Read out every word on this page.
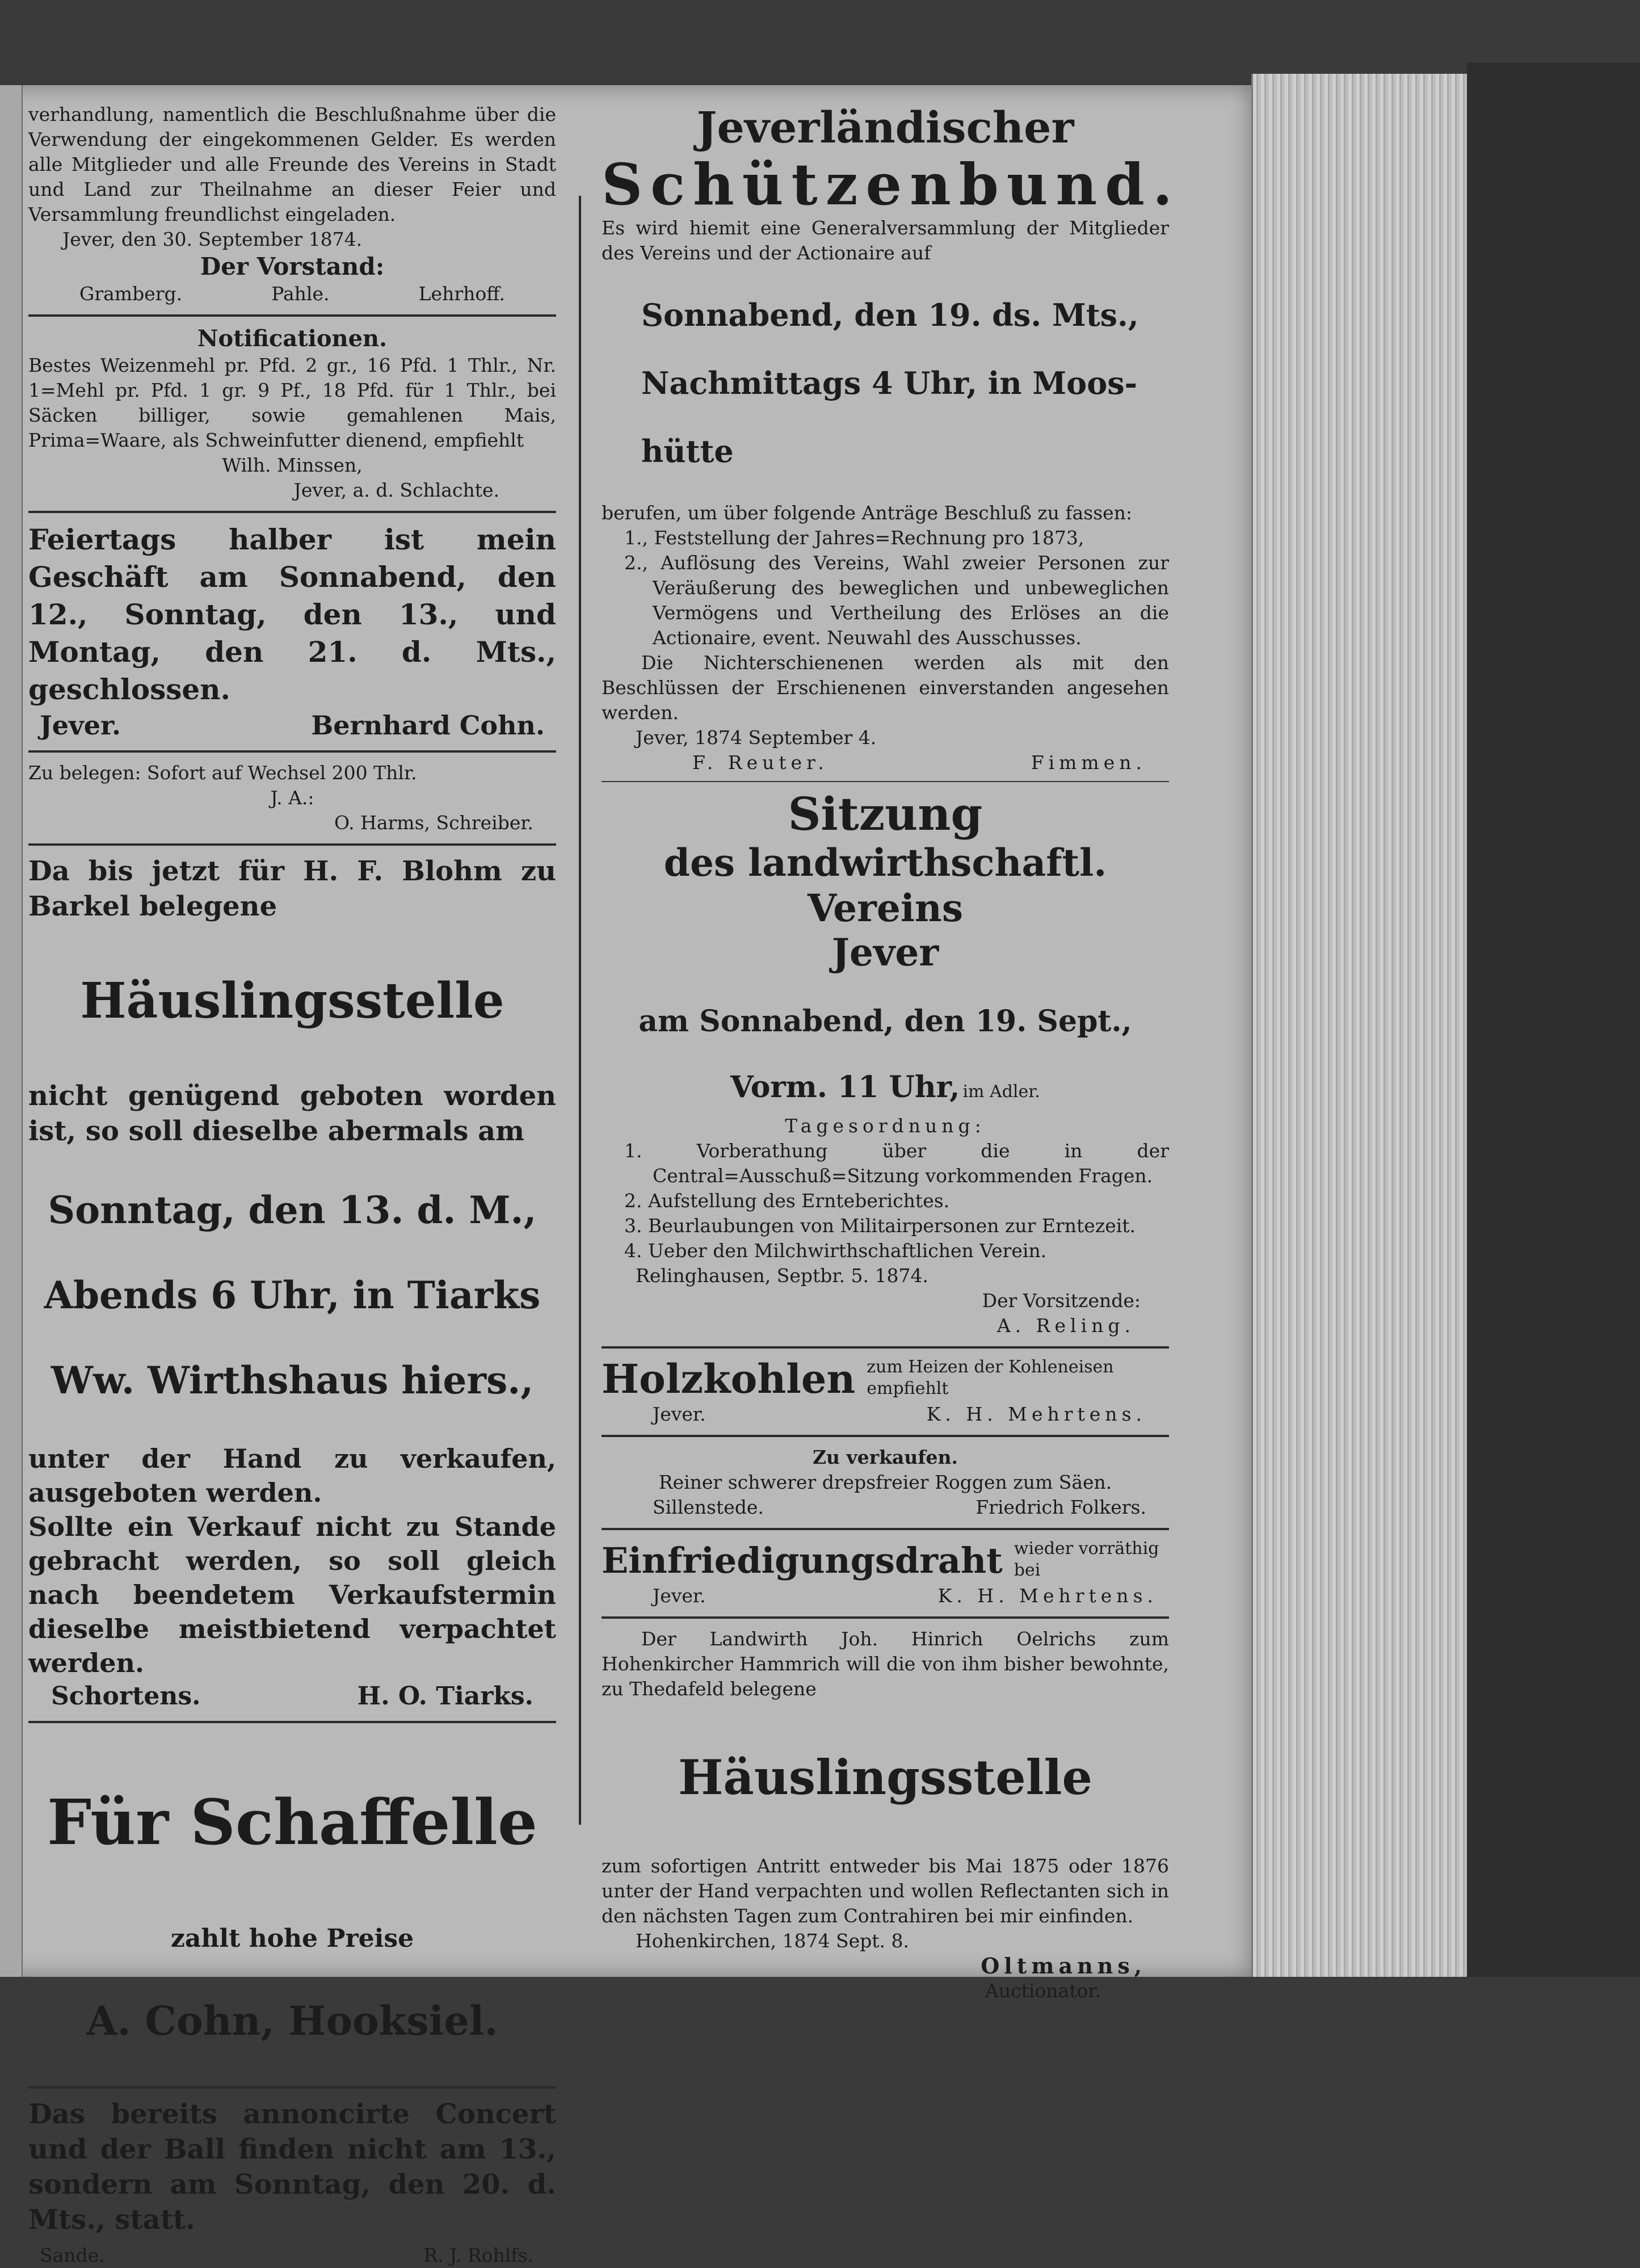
verhandlung, namentlich die Beschlußnahme über die Verwendung der eingekommenen Gelder. Es werden alle Mitglieder und alle Freunde des Vereins in Stadt und Land zur Theilnahme an dieser Feier und Versammlung freundlichst eingeladen.

Jever, den 30. September 1874.

Der Vorstand:

Gramberg.	Pahle.	Lehrhoff.

Notificationen.

Bestes Weizenmehl pr. Pfd. 2 gr., 16 Pfd. 1 Thlr., Nr. 1=Mehl pr. Pfd. 1 gr. 9 Pf., 18 Pfd. für 1 Thlr., bei Säcken billiger, sowie gemahlenen Mais, Prima=Waare, als Schweinfutter dienend, empfiehlt

Wilh. Minssen,

Jever, a. d. Schlachte.

Feiertags halber ist mein Geschäft am Sonnabend, den 12., Sonntag, den 13., und Montag, den 21. d. Mts., geschlossen.

Jever.	Bernhard Cohn.

Zu belegen: Sofort auf Wechsel 200 Thlr.

J. A.:

O. Harms, Schreiber.

Da bis jetzt für H. F. Blohm zu Barkel belegene

Häuslingsstelle

nicht genügend geboten worden ist, so soll dieselbe abermals am

Sonntag, den 13. d. M.,

Abends 6 Uhr, in Tiarks

Ww. Wirthshaus hiers.,

unter der Hand zu verkaufen, ausgeboten werden.

Sollte ein Verkauf nicht zu Stande gebracht werden, so soll gleich nach beendetem Verkaufstermin dieselbe meistbietend verpachtet werden.

Schortens.	H. O. Tiarks.

Für Schaffelle

zahlt hohe Preise

A. Cohn, Hooksiel.

Das bereits annoncirte Concert und der Ball finden nicht am 13., sondern am Sonntag, den 20. d. Mts., statt.

Sande.	R. J. Rohlfs.

Jeverländischer

Schützenbund.

Es wird hiemit eine Generalversammlung der Mitglieder des Vereins und der Actionaire auf

Sonnabend, den 19. ds. Mts.,

Nachmittags 4 Uhr, in Moos-

hütte

berufen, um über folgende Anträge Beschluß zu fassen:

1., Feststellung der Jahres=Rechnung pro 1873,

2., Auflösung des Vereins, Wahl zweier Personen zur Veräußerung des beweglichen und unbeweglichen Vermögens und Vertheilung des Erlöses an die Actionaire, event. Neuwahl des Ausschusses.

Die Nichterschienenen werden als mit den Beschlüssen der Erschienenen einverstanden angesehen werden.

Jever, 1874 September 4.

F. Reuter.	Fimmen.

Sitzung

des landwirthschaftl. Vereins

Jever

am Sonnabend, den 19. Sept.,

Vorm. 11 Uhr, im Adler.

Tagesordnung:

1. Vorberathung über die in der Central=Ausschuß=Sitzung vorkommenden Fragen.

2. Aufstellung des Ernteberichtes.

3. Beurlaubungen von Militairpersonen zur Erntezeit.

4. Ueber den Milchwirthschaftlichen Verein.

Relinghausen, Septbr. 5. 1874.

Der Vorsitzende:

A. Reling.

Holzkohlen zum Heizen der Kohleneisen empfiehlt
Jever.	K. H. Mehrtens.

Zu verkaufen.

Reiner schwerer drepsfreier Roggen zum Säen.

Sillenstede.	Friedrich Folkers.
Einfriedigungsdraht wieder vorräthig bei
Jever.	K. H. Mehrtens.

Der Landwirth Joh. Hinrich Oelrichs zum Hohenkircher Hammrich will die von ihm bisher bewohnte, zu Thedafeld belegene

Häuslingsstelle

zum sofortigen Antritt entweder bis Mai 1875 oder 1876 unter der Hand verpachten und wollen Reflectanten sich in den nächsten Tagen zum Contrahiren bei mir einfinden.

Hohenkirchen, 1874 Sept. 8.

Oltmanns,

Auctionator.
